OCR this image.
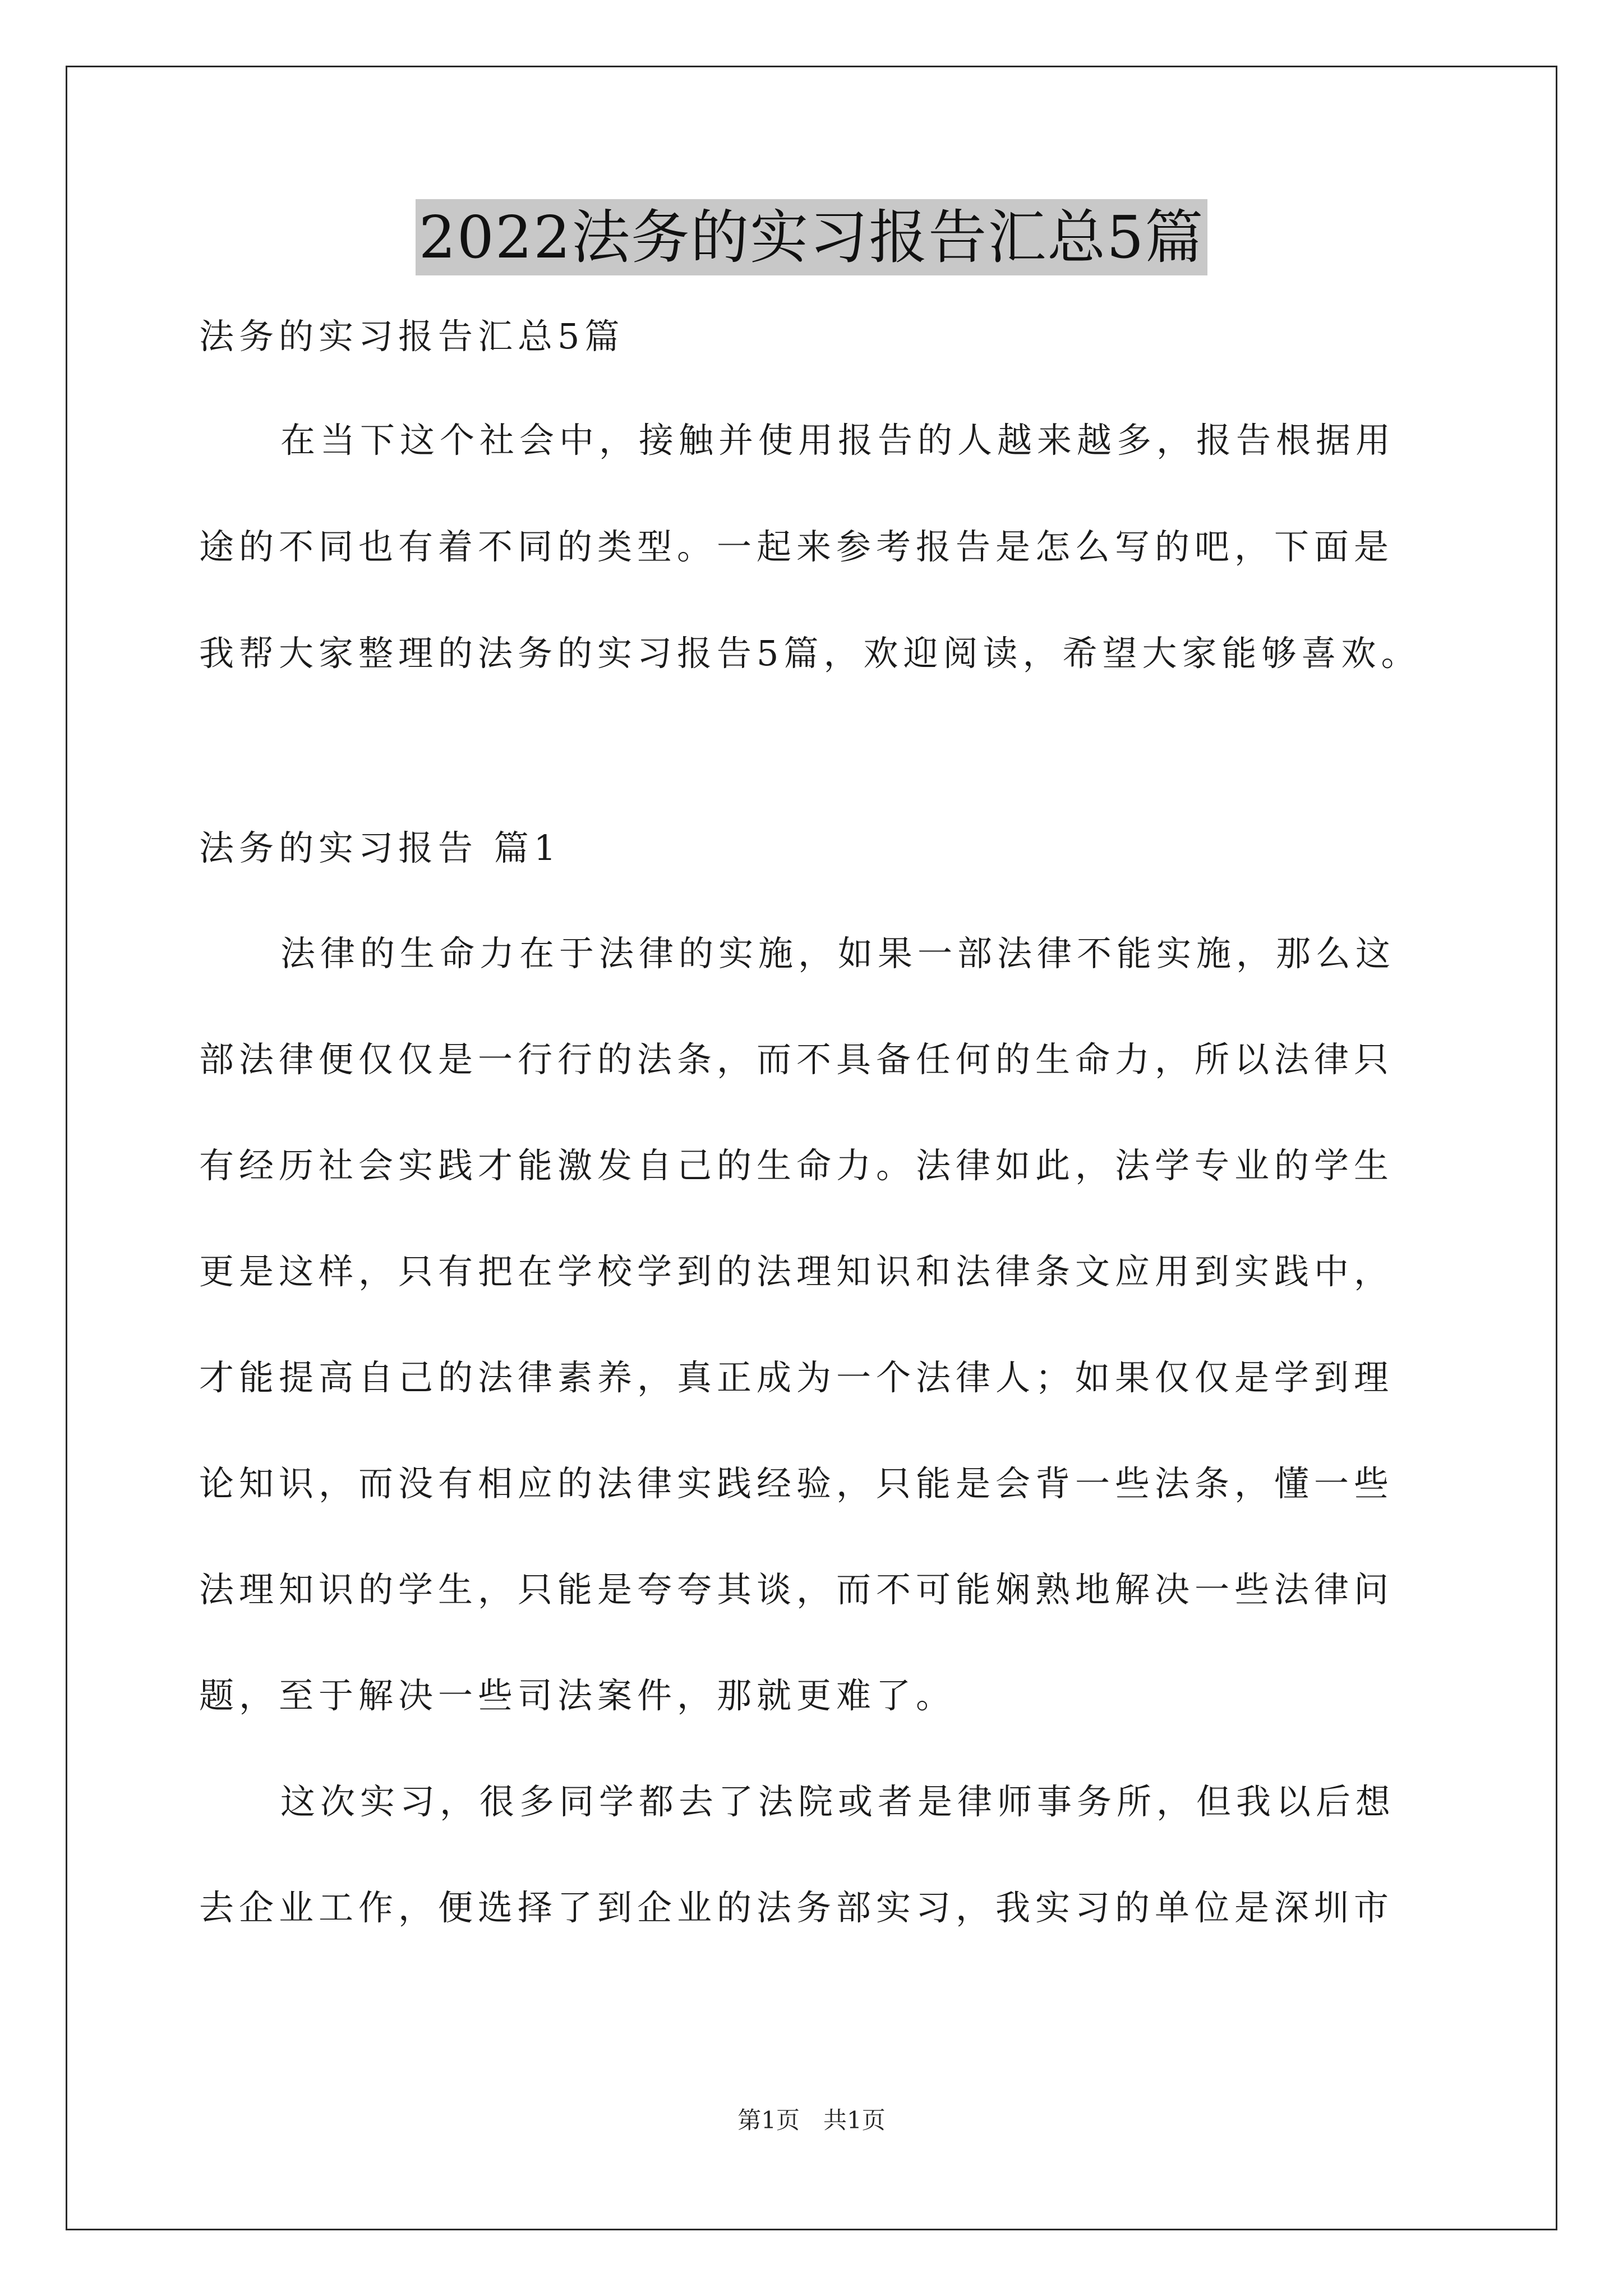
2022法务的实习报告汇总5篇
法务的实习报告汇总5篇
在当下这个社会中，接触并使用报告的人越来越多，报告根据用
途的不同也有着不同的类型。一起来参考报告是怎么写的吧，下面是
我帮大家整理的法务的实习报告5篇，欢迎阅读，希望大家能够喜欢。
法务的实习报告 篇1
法律的生命力在于法律的实施，如果一部法律不能实施，那么这
部法律便仅仅是一行行的法条，而不具备任何的生命力，所以法律只
有经历社会实践才能激发自己的生命力。法律如此，法学专业的学生
更是这样，只有把在学校学到的法理知识和法律条文应用到实践中，
才能提高自己的法律素养，真正成为一个法律人；如果仅仅是学到理
论知识，而没有相应的法律实践经验，只能是会背一些法条，懂一些
法理知识的学生，只能是夸夸其谈，而不可能娴熟地解决一些法律问
题，至于解决一些司法案件，那就更难了。
这次实习，很多同学都去了法院或者是律师事务所，但我以后想
去企业工作，便选择了到企业的法务部实习，我实习的单位是深圳市
第1页　共1页
